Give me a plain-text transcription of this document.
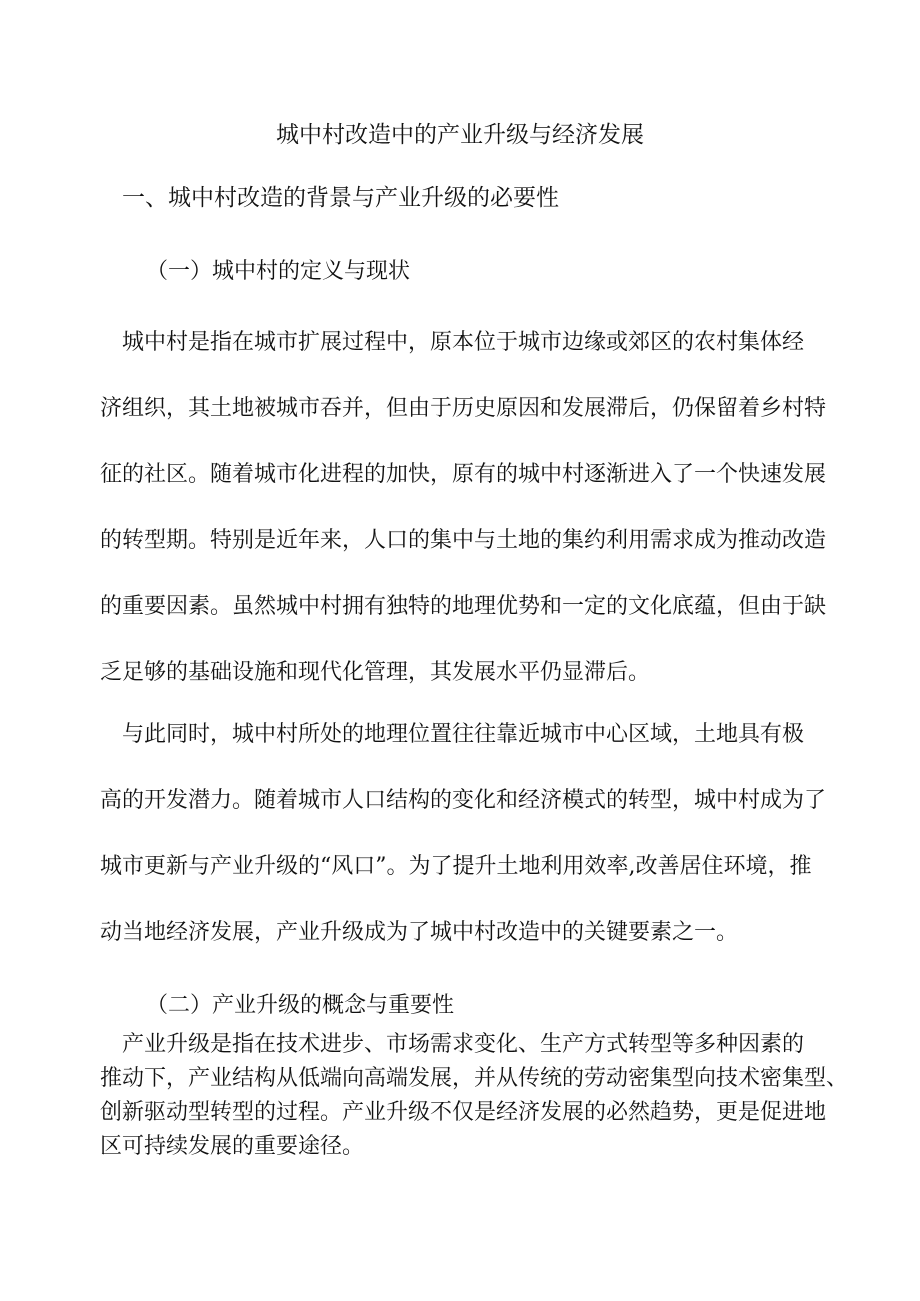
城中村改造中的产业升级与经济发展
一、城中村改造的背景与产业升级的必要性
（一）城中村的定义与现状
城中村是指在城市扩展过程中，原本位于城市边缘或郊区的农村集体经
济组织，其土地被城市吞并，但由于历史原因和发展滞后，仍保留着乡村特
征的社区。随着城市化进程的加快，原有的城中村逐渐进入了一个快速发展
的转型期。特别是近年来，人口的集中与土地的集约利用需求成为推动改造
的重要因素。虽然城中村拥有独特的地理优势和一定的文化底蕴，但由于缺
乏足够的基础设施和现代化管理，其发展水平仍显滞后。
与此同时，城中村所处的地理位置往往靠近城市中心区域，土地具有极
高的开发潜力。随着城市人口结构的变化和经济模式的转型，城中村成为了
城市更新与产业升级的“风口”。为了提升土地利用效率,改善居住环境，推
动当地经济发展，产业升级成为了城中村改造中的关键要素之一。
（二）产业升级的概念与重要性
产业升级是指在技术进步、市场需求变化、生产方式转型等多种因素的
推动下，产业结构从低端向高端发展，并从传统的劳动密集型向技术密集型、
创新驱动型转型的过程。产业升级不仅是经济发展的必然趋势，更是促进地
区可持续发展的重要途径。
